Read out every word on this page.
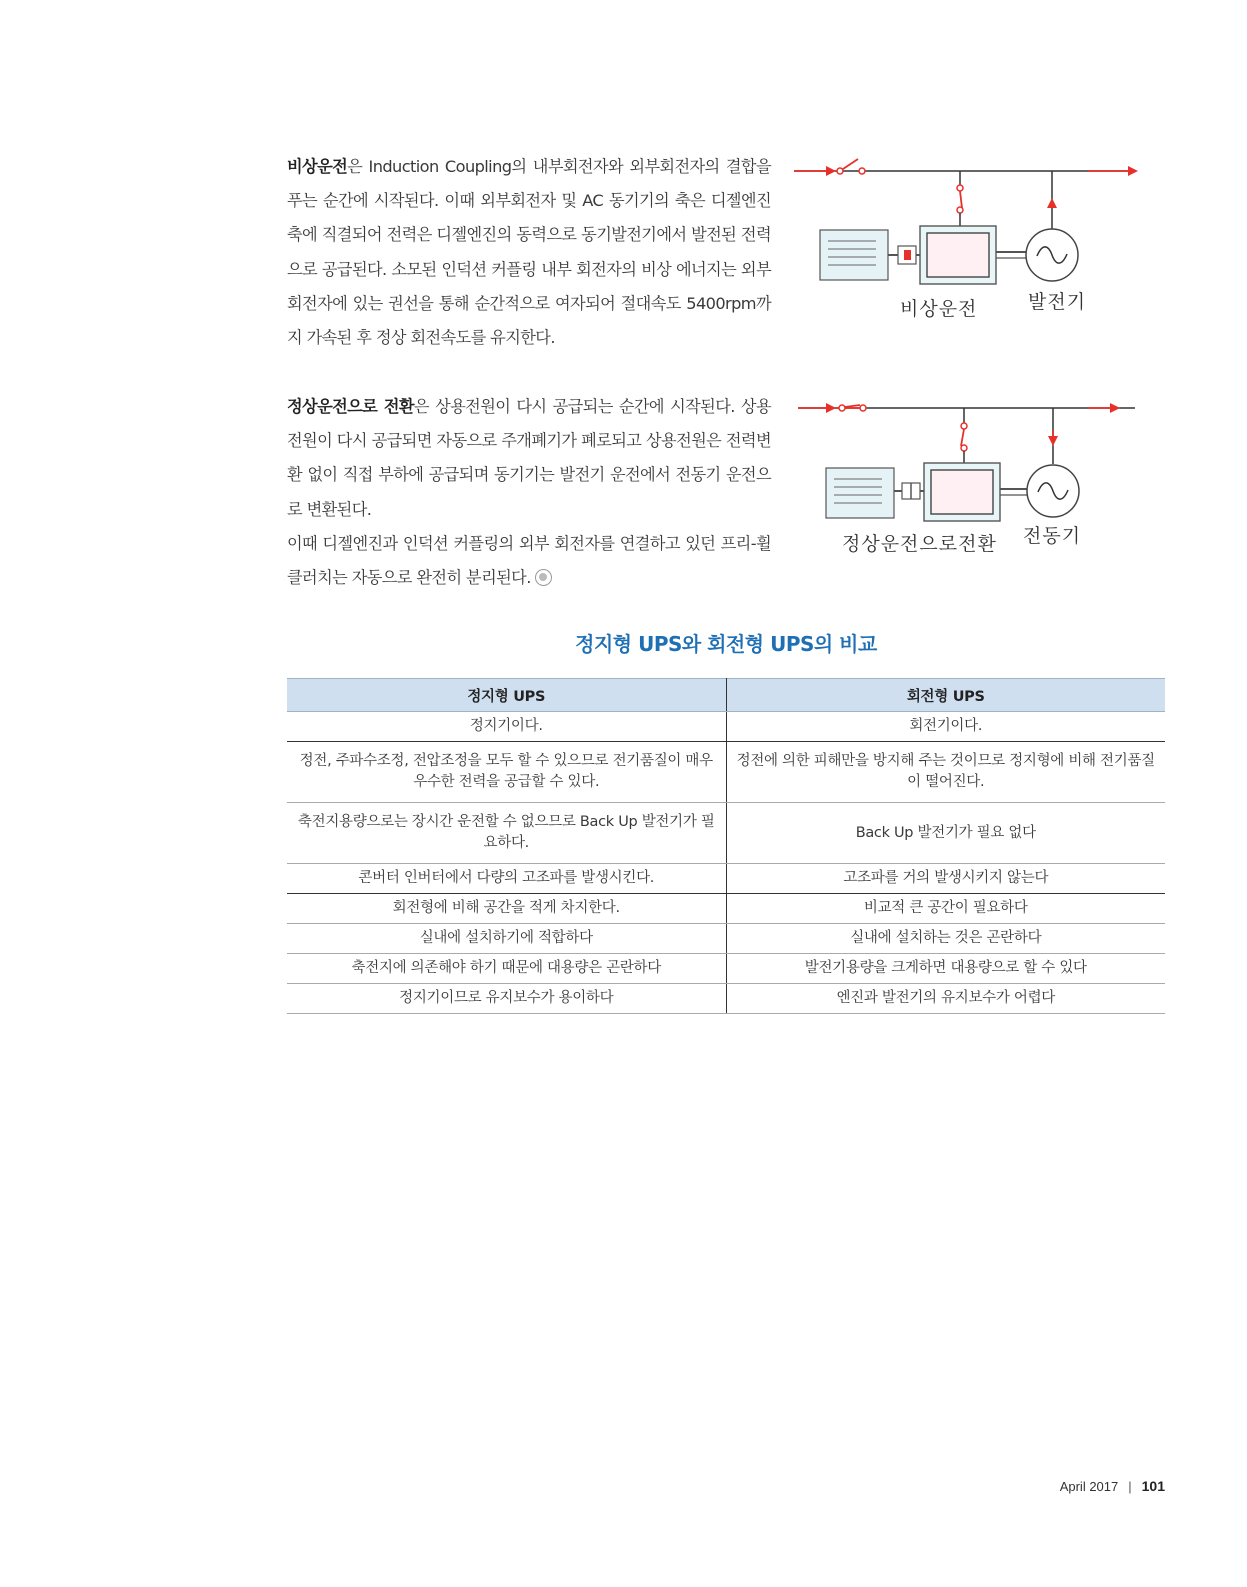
비상운전은 Induction Coupling의 내부회전자와 외부회전자의 결합을 푸는 순간에 시작된다. 이때 외부회전자 및 AC 동기기의 축은 디젤엔진 축에 직결되어 전력은 디젤엔진의 동력으로 동기발전기에서 발전된 전력으로 공급된다. 소모된 인덕션 커플링 내부 회전자의 비상 에너지는 외부 회전자에 있는 권선을 통해 순간적으로 여자되어 절대속도 5400rpm까지 가속된 후 정상 회전속도를 유지한다.
비상운전	발전기
정상운전으로 전환은 상용전원이 다시 공급되는 순간에 시작된다. 상용전원이 다시 공급되면 자동으로 주개폐기가 폐로되고 상용전원은 전력변환 없이 직접 부하에 공급되며 동기기는 발전기 운전에서 전동기 운전으로 변환된다.
이때 디젤엔진과 인덕션 커플링의 외부 회전자를 연결하고 있던 프리-휠 클러치는 자동으로 완전히 분리된다.
정상운전으로전환 전동기
정지형 UPS와 회전형 UPS의 비교
정지형 UPS	회전형 UPS
정지기이다.	회전기이다.
정전, 주파수조정, 전압조정을 모두 할 수 있으므로 전기품질이 매우 우수한 전력을 공급할 수 있다.	정전에 의한 피해만을 방지해 주는 것이므로 정지형에 비해 전기품질이 떨어진다.
축전지용량으로는 장시간 운전할 수 없으므로 Back Up 발전기가 필요하다.	Back Up 발전기가 필요 없다
콘버터 인버터에서 다량의 고조파를 발생시킨다.	고조파를 거의 발생시키지 않는다
회전형에 비해 공간을 적게 차지한다.	비교적 큰 공간이 필요하다
실내에 설치하기에 적합하다	실내에 설치하는 것은 곤란하다
축전지에 의존해야 하기 때문에 대용량은 곤란하다	발전기용량을 크게하면 대용량으로 할 수 있다
정지기이므로 유지보수가 용이하다	엔진과 발전기의 유지보수가 어렵다
April 2017 | 101
